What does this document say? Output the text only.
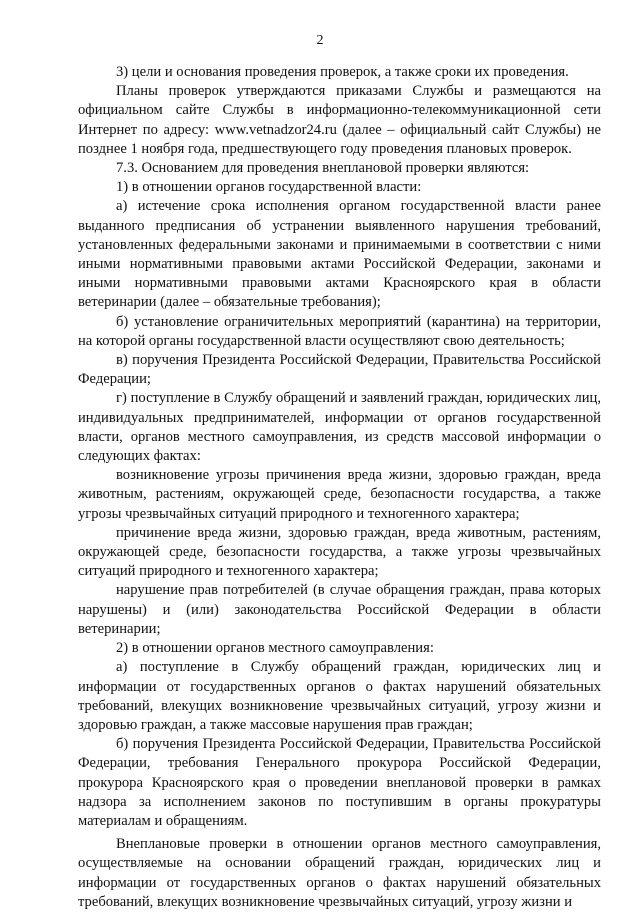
2

3) цели и основания проведения проверок, а также сроки их проведения.

Планы проверок утверждаются приказами Службы и размещаются на официальном сайте Службы в информационно-телекоммуникационной сети Интернет по адресу: www.vetnadzor24.ru (далее – официальный сайт Службы) не позднее 1 ноября года, предшествующего году проведения плановых проверок.

7.3. Основанием для проведения внеплановой проверки являются:

1) в отношении органов государственной власти:

а) истечение срока исполнения органом государственной власти ранее выданного предписания об устранении выявленного нарушения требований, установленных федеральными законами и принимаемыми в соответствии с ними иными нормативными правовыми актами Российской Федерации, законами и иными нормативными правовыми актами Красноярского края в области ветеринарии (далее – обязательные требования);

б) установление ограничительных мероприятий (карантина) на территории, на которой органы государственной власти осуществляют свою деятельность;

в) поручения Президента Российской Федерации, Правительства Российской Федерации;

г) поступление в Службу обращений и заявлений граждан, юридических лиц, индивидуальных предпринимателей, информации от органов государственной власти, органов местного самоуправления, из средств массовой информации о следующих фактах:

возникновение угрозы причинения вреда жизни, здоровью граждан, вреда животным, растениям, окружающей среде, безопасности государства, а также угрозы чрезвычайных ситуаций природного и техногенного характера;

причинение вреда жизни, здоровью граждан, вреда животным, растениям, окружающей среде, безопасности государства, а также угрозы чрезвычайных ситуаций природного и техногенного характера;

нарушение прав потребителей (в случае обращения граждан, права которых нарушены) и (или) законодательства Российской Федерации в области ветеринарии;

2) в отношении органов местного самоуправления:

а) поступление в Службу обращений граждан, юридических лиц и информации от государственных органов о фактах нарушений обязательных требований, влекущих возникновение чрезвычайных ситуаций, угрозу жизни и здоровью граждан, а также массовые нарушения прав граждан;

б) поручения Президента Российской Федерации, Правительства Российской Федерации, требования Генерального прокурора Российской Федерации, прокурора Красноярского края о проведении внеплановой проверки в рамках надзора за исполнением законов по поступившим в органы прокуратуры материалам и обращениям.

Внеплановые проверки в отношении органов местного самоуправления, осуществляемые на основании обращений граждан, юридических лиц и информации от государственных органов о фактах нарушений обязательных требований, влекущих возникновение чрезвычайных ситуаций, угрозу жизни и
